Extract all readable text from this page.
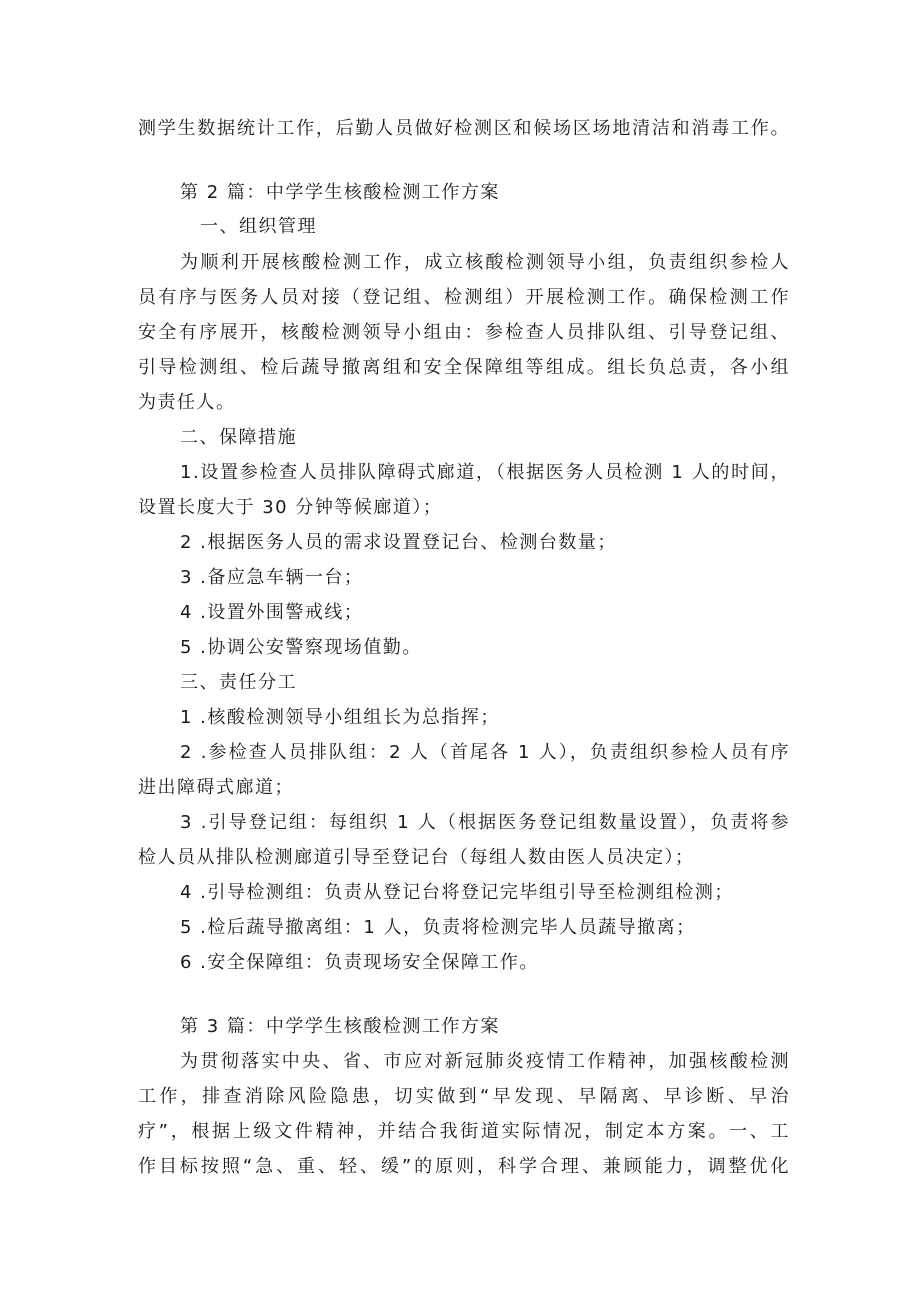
测学生数据统计工作，后勤人员做好检测区和候场区场地清洁和消毒工作。
第 2 篇：中学学生核酸检测工作方案
一、组织管理
为顺利开展核酸检测工作，成立核酸检测领导小组，负责组织参检人
员有序与医务人员对接（登记组、检测组）开展检测工作。确保检测工作
安全有序展开，核酸检测领导小组由：参检查人员排队组、引导登记组、
引导检测组、检后蔬导撤离组和安全保障组等组成。组长负总责，各小组
为责任人。
二、保障措施
1.设置参检查人员排队障碍式廊道，（根据医务人员检测 1 人的时间，
设置长度大于 30 分钟等候廊道）；
2 .根据医务人员的需求设置登记台、检测台数量；
3 .备应急车辆一台；
4 .设置外围警戒线；
5 .协调公安警察现场值勤。
三、责任分工
1 .核酸检测领导小组组长为总指挥；
2 .参检查人员排队组：2 人（首尾各 1 人），负责组织参检人员有序
进出障碍式廊道；
3 .引导登记组：每组织 1 人（根据医务登记组数量设置），负责将参
检人员从排队检测廊道引导至登记台（每组人数由医人员决定）；
4 .引导检测组：负责从登记台将登记完毕组引导至检测组检测；
5 .检后蔬导撤离组：1 人，负责将检测完毕人员蔬导撤离；
6 .安全保障组：负责现场安全保障工作。
第 3 篇：中学学生核酸检测工作方案
为贯彻落实中央、省、市应对新冠肺炎疫情工作精神，加强核酸检测
工作，排查消除风险隐患，切实做到“早发现、早隔离、早诊断、早治
疗”，根据上级文件精神，并结合我街道实际情况，制定本方案。一、工
作目标按照“急、重、轻、缓”的原则，科学合理、兼顾能力，调整优化
